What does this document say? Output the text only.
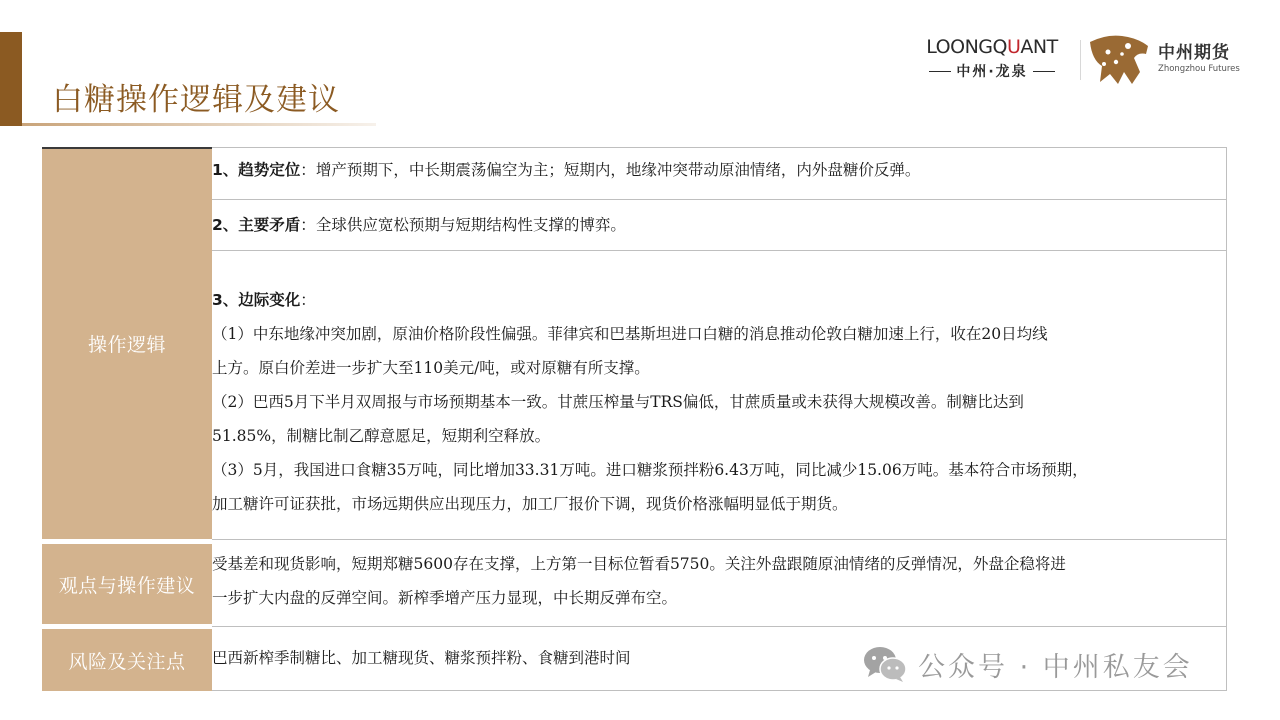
白糖操作逻辑及建议
LOONGQUANT
中州·龙泉
中州期货
Zhongzhou Futures
操作逻辑
观点与操作建议
风险及关注点

1、趋势定位：增产预期下，中长期震荡偏空为主；短期内，地缘冲突带动原油情绪，内外盘糖价反弹。

2、主要矛盾：全球供应宽松预期与短期结构性支撑的博弈。

3、边际变化：

（1）中东地缘冲突加剧，原油价格阶段性偏强。菲律宾和巴基斯坦进口白糖的消息推动伦敦白糖加速上行，收在20日均线

上方。原白价差进一步扩大至110美元/吨，或对原糖有所支撑。

（2）巴西5月下半月双周报与市场预期基本一致。甘蔗压榨量与TRS偏低，甘蔗质量或未获得大规模改善。制糖比达到

51.85%，制糖比制乙醇意愿足，短期利空释放。

（3）5月，我国进口食糖35万吨，同比增加33.31万吨。进口糖浆预拌粉6.43万吨，同比减少15.06万吨。基本符合市场预期，

加工糖许可证获批，市场远期供应出现压力，加工厂报价下调，现货价格涨幅明显低于期货。

受基差和现货影响，短期郑糖5600存在支撑，上方第一目标位暂看5750。关注外盘跟随原油情绪的反弹情况，外盘企稳将进

一步扩大内盘的反弹空间。新榨季增产压力显现，中长期反弹布空。

巴西新榨季制糖比、加工糖现货、糖浆预拌粉、食糖到港时间	公众号 · 中州私友会
